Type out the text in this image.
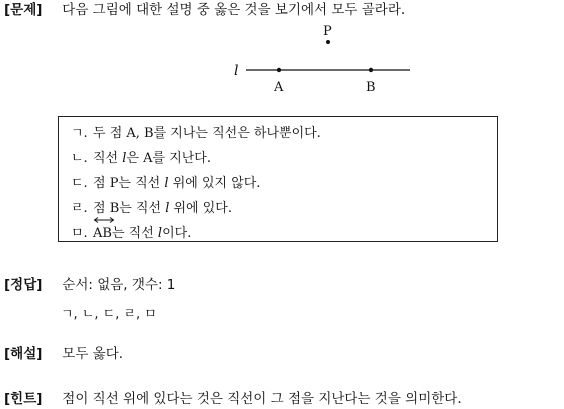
[문제] 다음 그림에 대한 설명 중 옳은 것을 보기에서 모두 골라라.
l
P
A	B
ㄱ. 두 점 A, B를 지나는 직선은 하나뿐이다.
ㄴ. 직선 l은 A를 지난다.
ㄷ. 점 P는 직선 l 위에 있지 않다.
ㄹ. 점 B는 직선 l 위에 있다.
ㅁ. AB는 직선 l이다.
[정답] 순서: 없음, 갯수: 1
ㄱ, ㄴ, ㄷ, ㄹ, ㅁ
[해설] 모두 옳다.
[힌트] 점이 직선 위에 있다는 것은 직선이 그 점을 지난다는 것을 의미한다.
